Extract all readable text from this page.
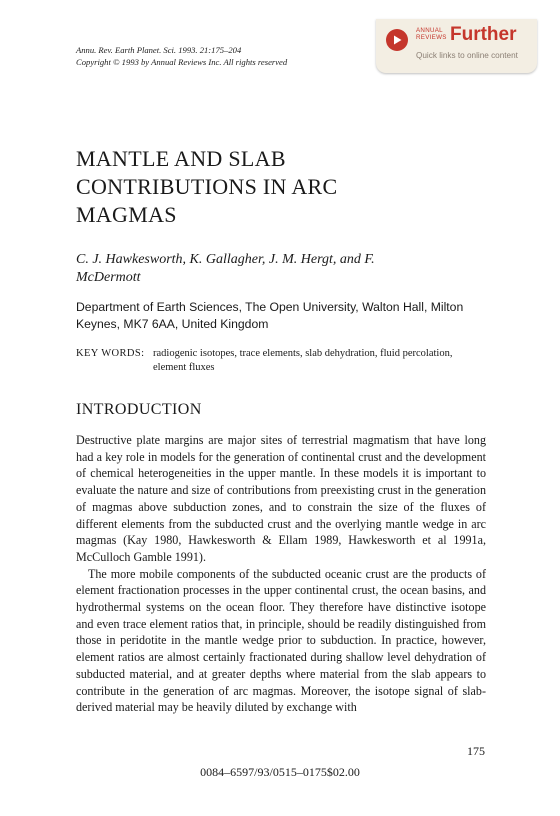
Annu. Rev. Earth Planet. Sci. 1993. 21:175–204
Copyright © 1993 by Annual Reviews Inc. All rights reserved
ANNUAL
REVIEWS Further
Quick links to online content
MANTLE AND SLAB CONTRIBUTIONS IN ARC MAGMAS

C. J. Hawkesworth, K. Gallagher, J. M. Hergt, and F. McDermott

Department of Earth Sciences, The Open University, Walton Hall, Milton Keynes, MK7 6AA, United Kingdom

KEY WORDS: radiogenic isotopes, trace elements, slab dehydration, fluid percolation, element fluxes
INTRODUCTION

Destructive plate margins are major sites of terrestrial magmatism that have long had a key role in models for the generation of continental crust and the development of chemical heterogeneities in the upper mantle. In these models it is important to evaluate the nature and size of contributions from preexisting crust in the generation of magmas above subduction zones, and to constrain the size of the fluxes of different elements from the subducted crust and the overlying mantle wedge in arc magmas (Kay 1980, Hawkesworth & Ellam 1989, Hawkesworth et al 1991a, McCulloch Gamble 1991).

The more mobile components of the subducted oceanic crust are the products of element fractionation processes in the upper continental crust, the ocean basins, and hydrothermal systems on the ocean floor. They therefore have distinctive isotope and even trace element ratios that, in principle, should be readily distinguished from those in peridotite in the mantle wedge prior to subduction. In practice, however, element ratios are almost certainly fractionated during shallow level dehydration of subducted material, and at greater depths where material from the slab appears to contribute in the generation of arc magmas. Moreover, the isotope signal of slab-derived material may be heavily diluted by exchange with

175
0084–6597/93/0515–0175$02.00
